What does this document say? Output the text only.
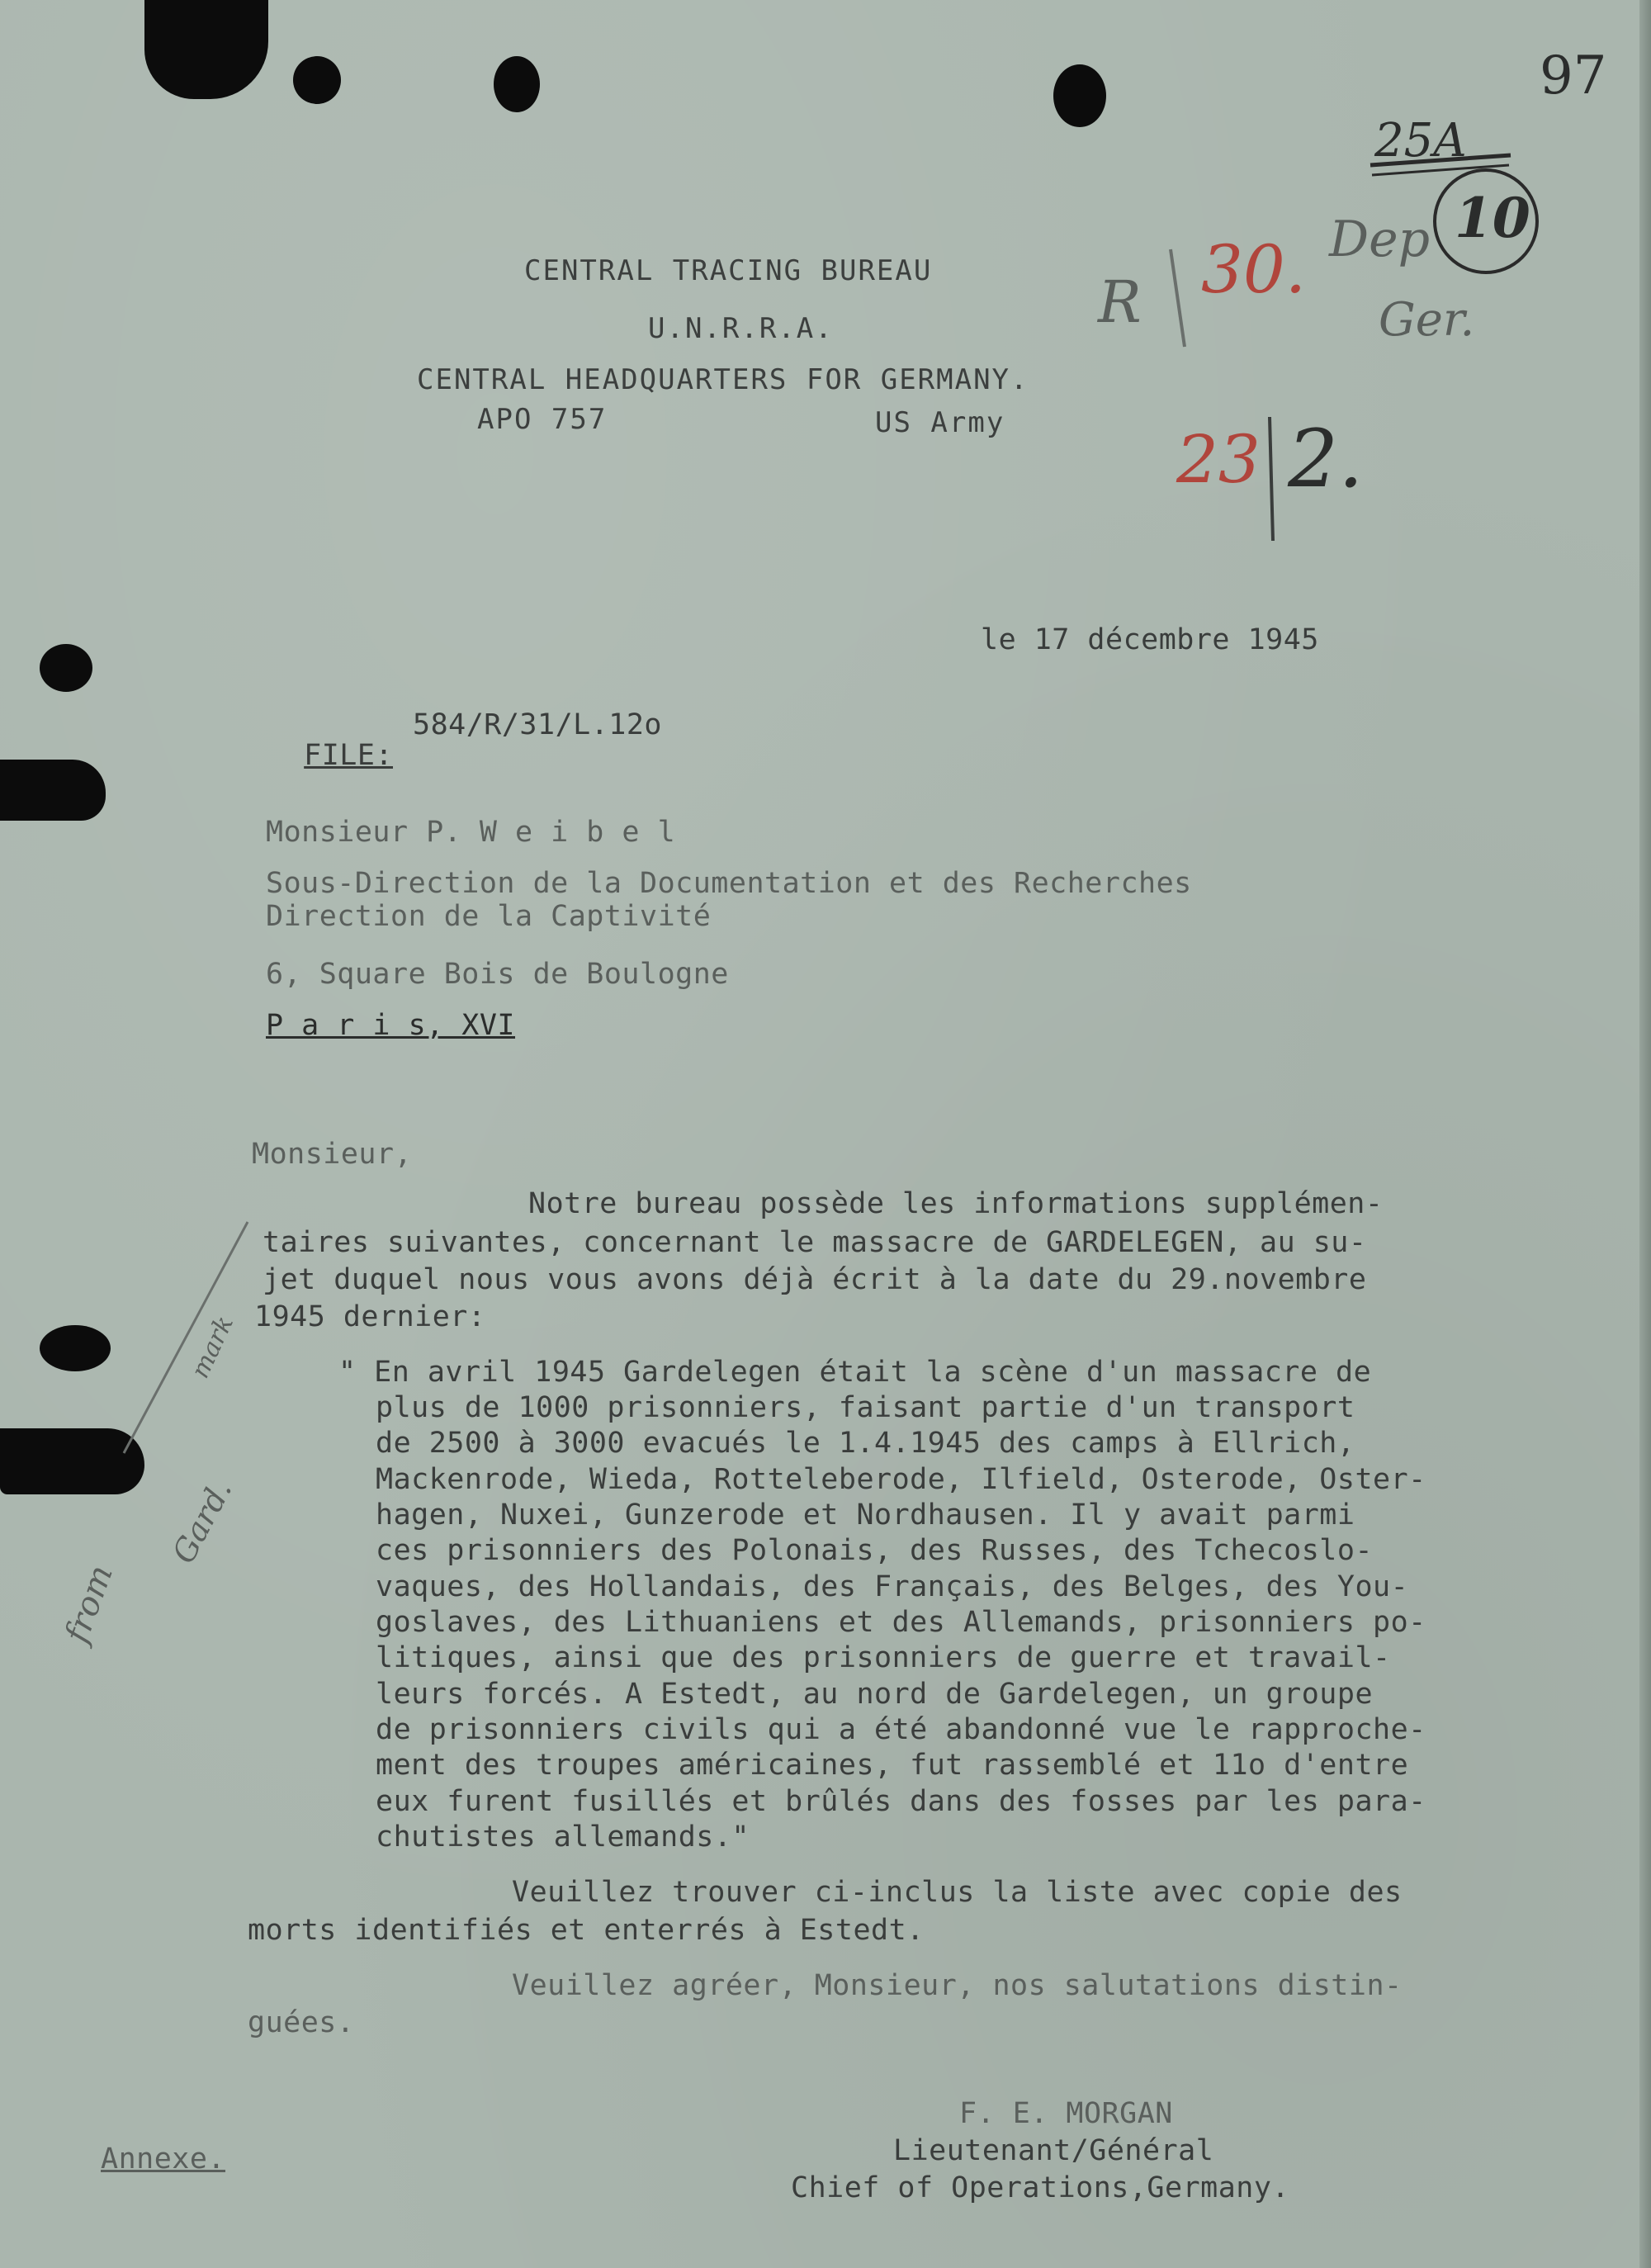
97
25A
10
R 30. Dep
Ger.
23 2.
mark
Gard.
from
CENTRAL TRACING BUREAU
U.N.R.R.A.
CENTRAL HEADQUARTERS FOR GERMANY.
APO 757	US Army
le 17 décembre 1945

FILE:

584/R/31/L.12o
Monsieur P. W e i b e l
Sous-Direction de la Documentation et des Recherches
Direction de la Captivité
6, Square Bois de Boulogne
P a r i s, XVI
Monsieur,
Notre bureau possède les informations supplémen-
taires suivantes, concernant le massacre de GARDELEGEN, au su-
jet duquel nous vous avons déjà écrit à la date du 29.novembre
1945 dernier:
" En avril 1945 Gardelegen était la scène d'un massacre de
plus de 1000 prisonniers, faisant partie d'un transport
de 2500 à 3000 evacués le 1.4.1945 des camps à Ellrich,
Mackenrode, Wieda, Rotteleberode, Ilfield, Osterode, Oster-
hagen, Nuxei, Gunzerode et Nordhausen. Il y avait parmi
ces prisonniers des Polonais, des Russes, des Tchecoslo-
vaques, des Hollandais, des Français, des Belges, des You-
goslaves, des Lithuaniens et des Allemands, prisonniers po-
litiques, ainsi que des prisonniers de guerre et travail-
leurs forcés. A Estedt, au nord de Gardelegen, un groupe
de prisonniers civils qui a été abandonné vue le rapproche-
ment des troupes américaines, fut rassemblé et 11o d'entre
eux furent fusillés et brûlés dans des fosses par les para-
chutistes allemands."
Veuillez trouver ci-inclus la liste avec copie des
morts identifiés et enterrés à Estedt.
Veuillez agréer, Monsieur, nos salutations distin-
guées.
F. E. MORGAN
Lieutenant/Général
Chief of Operations,Germany.
Annexe.
